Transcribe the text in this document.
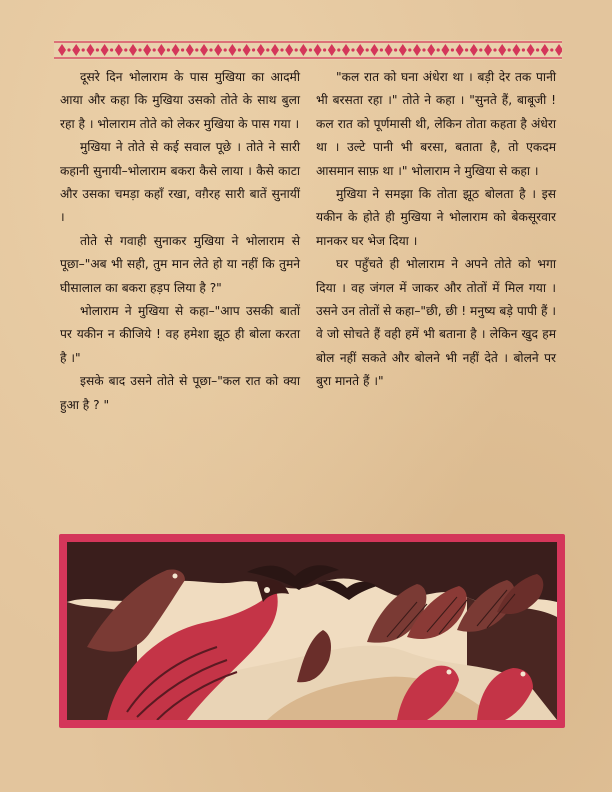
दूसरे दिन भोलाराम के पास मुखिया का आदमी आया और कहा कि मुखिया उसको तोते के साथ बुला रहा है । भोलाराम तोते को लेकर मुखिया के पास गया ।

मुखिया ने तोते से कई सवाल पूछे । तोते ने सारी कहानी सुनायी–भोलाराम बकरा कैसे लाया । कैसे काटा और उसका चमड़ा कहाँ रखा, वग़ैरह सारी बातें सुनायीं ।

तोते से गवाही सुनाकर मुखिया ने भोलाराम से पूछा–"अब भी सही, तुम मान लेते हो या नहीं कि तुमने घीसालाल का बकरा हड़प लिया है ?"

भोलाराम ने मुखिया से कहा–"आप उसकी बातों पर यकीन न कीजिये ! वह हमेशा झूठ ही बोला करता है ।"

इसके बाद उसने तोते से पूछा–"कल रात को क्या हुआ है ? "

"कल रात को घना अंधेरा था । बड़ी देर तक पानी भी बरसता रहा ।" तोते ने कहा । "सुनते हैं, बाबूजी ! कल रात को पूर्णमासी थी, लेकिन तोता कहता है अंधेरा था । उल्टे पानी भी बरसा, बताता है, तो एकदम आसमान साफ़ था ।" भोलाराम ने मुखिया से कहा ।

मुखिया ने समझा कि तोता झूठ बोलता है । इस यकीन के होते ही मुखिया ने भोलाराम को बेकसूरवार मानकर घर भेज दिया ।

घर पहुँचते ही भोलाराम ने अपने तोते को भगा दिया । वह जंगल में जाकर और तोतों में मिल गया । उसने उन तोतों से कहा–"छी, छी ! मनुष्य बड़े पापी हैं । वे जो सोचते हैं वही हमें भी बताना है । लेकिन खुद हम बोल नहीं सकते और बोलने भी नहीं देते । बोलने पर बुरा मानते हैं ।"
